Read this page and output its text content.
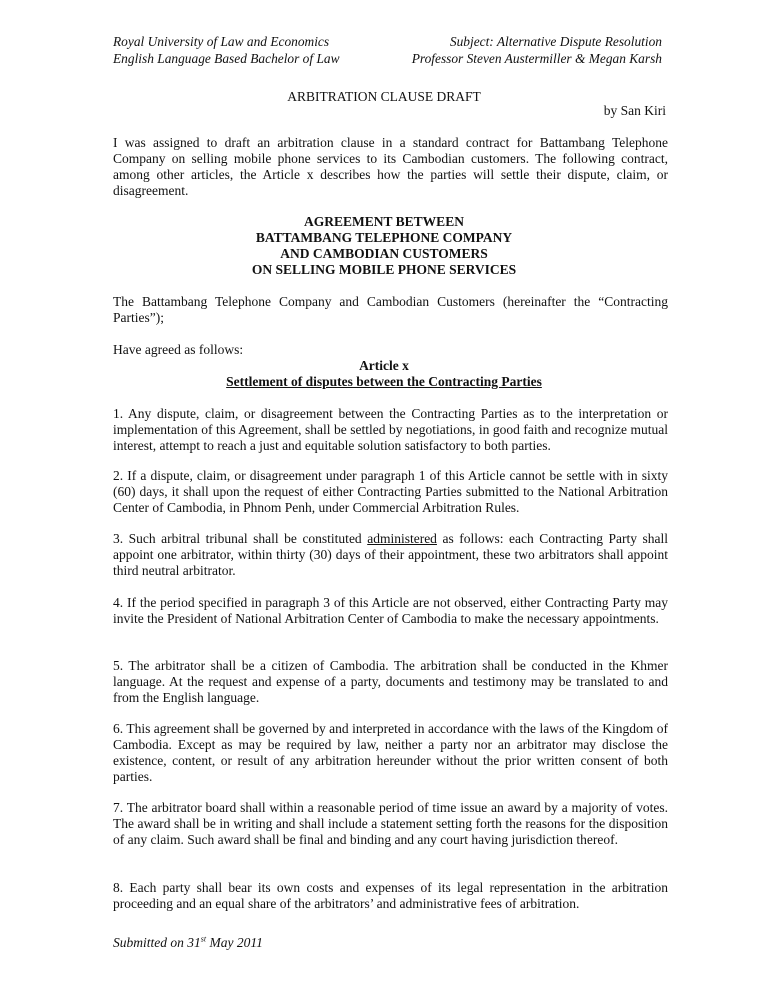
Royal University of Law and Economics	Subject: Alternative Dispute Resolution
English Language Based Bachelor of Law	Professor Steven Austermiller & Megan Karsh
ARBITRATION CLAUSE DRAFT
by San Kiri
I was assigned to draft an arbitration clause in a standard contract for Battambang Telephone Company on selling mobile phone services to its Cambodian customers. The following contract, among other articles, the Article x describes how the parties will settle their dispute, claim, or disagreement.
AGREEMENT BETWEEN
BATTAMBANG TELEPHONE COMPANY
AND CAMBODIAN CUSTOMERS
ON SELLING MOBILE PHONE SERVICES
The Battambang Telephone Company and Cambodian Customers (hereinafter the “Contracting Parties”);
Have agreed as follows:
Article x
Settlement of disputes between the Contracting Parties
1. Any dispute, claim, or disagreement between the Contracting Parties as to the interpretation or implementation of this Agreement, shall be settled by negotiations, in good faith and recognize mutual interest, attempt to reach a just and equitable solution satisfactory to both parties.
2. If a dispute, claim, or disagreement under paragraph 1 of this Article cannot be settle with in sixty (60) days, it shall upon the request of either Contracting Parties submitted to the National Arbitration Center of Cambodia, in Phnom Penh, under Commercial Arbitration Rules.
3. Such arbitral tribunal shall be constituted administered as follows: each Contracting Party shall appoint one arbitrator, within thirty (30) days of their appointment, these two arbitrators shall appoint third neutral arbitrator.
4. If the period specified in paragraph 3 of this Article are not observed, either Contracting Party may invite the President of National Arbitration Center of Cambodia to make the necessary appointments.
5. The arbitrator shall be a citizen of Cambodia. The arbitration shall be conducted in the Khmer language. At the request and expense of a party, documents and testimony may be translated to and from the English language.
6. This agreement shall be governed by and interpreted in accordance with the laws of the Kingdom of Cambodia. Except as may be required by law, neither a party nor an arbitrator may disclose the existence, content, or result of any arbitration hereunder without the prior written consent of both parties.
7. The arbitrator board shall within a reasonable period of time issue an award by a majority of votes. The award shall be in writing and shall include a statement setting forth the reasons for the disposition of any claim. Such award shall be final and binding and any court having jurisdiction thereof.
8. Each party shall bear its own costs and expenses of its legal representation in the arbitration proceeding and an equal share of the arbitrators’ and administrative fees of arbitration.
Submitted on 31st May 2011
